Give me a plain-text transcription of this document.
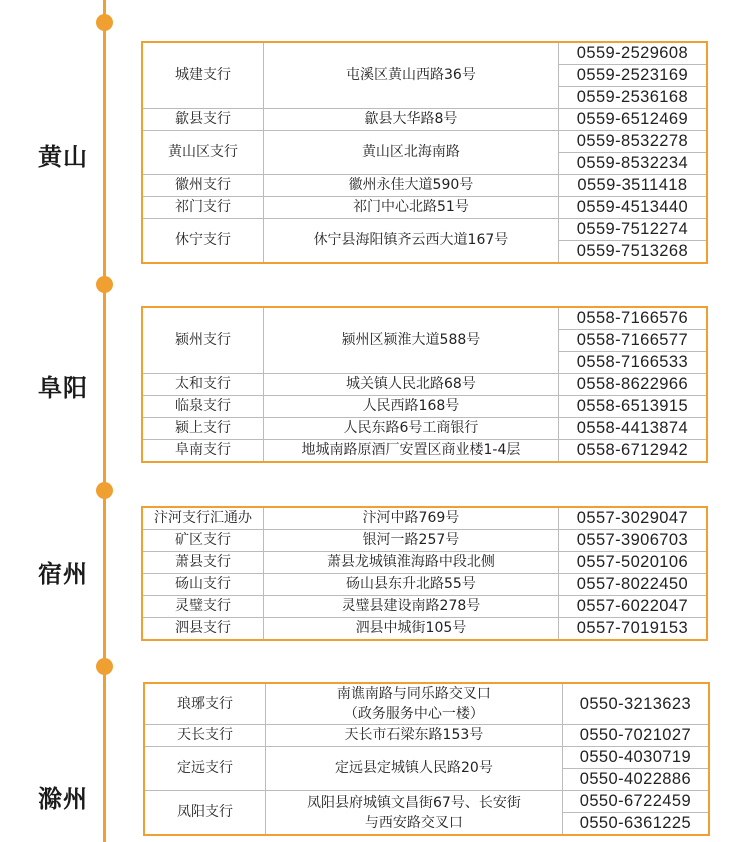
黄山
阜阳
宿州
滁州
城建支行	屯溪区黄山西路36号	0559-2529608
		0559-2523169
		0559-2536168
歙县支行	歙县大华路8号	0559-6512469
黄山区支行	黄山区北海南路	0559-8532278
		0559-8532234
徽州支行	徽州永佳大道590号	0559-3511418
祁门支行	祁门中心北路51号	0559-4513440
休宁支行	休宁县海阳镇齐云西大道167号	0559-7512274
		0559-7513268
颍州支行	颍州区颍淮大道588号	0558-7166576
		0558-7166577
		0558-7166533
太和支行	城关镇人民北路68号	0558-8622966
临泉支行	人民西路168号	0558-6513915
颍上支行	人民东路6号工商银行	0558-4413874
阜南支行	地城南路原酒厂安置区商业楼1-4层	0558-6712942
汴河支行汇通办	汴河中路769号	0557-3029047
矿区支行	银河一路257号	0557-3906703
萧县支行	萧县龙城镇淮海路中段北侧	0557-5020106
砀山支行	砀山县东升北路55号	0557-8022450
灵璧支行	灵璧县建设南路278号	0557-6022047
泗县支行	泗县中城街105号	0557-7019153
琅琊支行	南谯南路与同乐路交叉口
（政务服务中心一楼）	0550-3213623
天长支行	天长市石梁东路153号	0550-7021027
定远支行	定远县定城镇人民路20号	0550-4030719
		0550-4022886
凤阳支行	凤阳县府城镇文昌街67号、长安街
与西安路交叉口	0550-6722459
		0550-6361225
